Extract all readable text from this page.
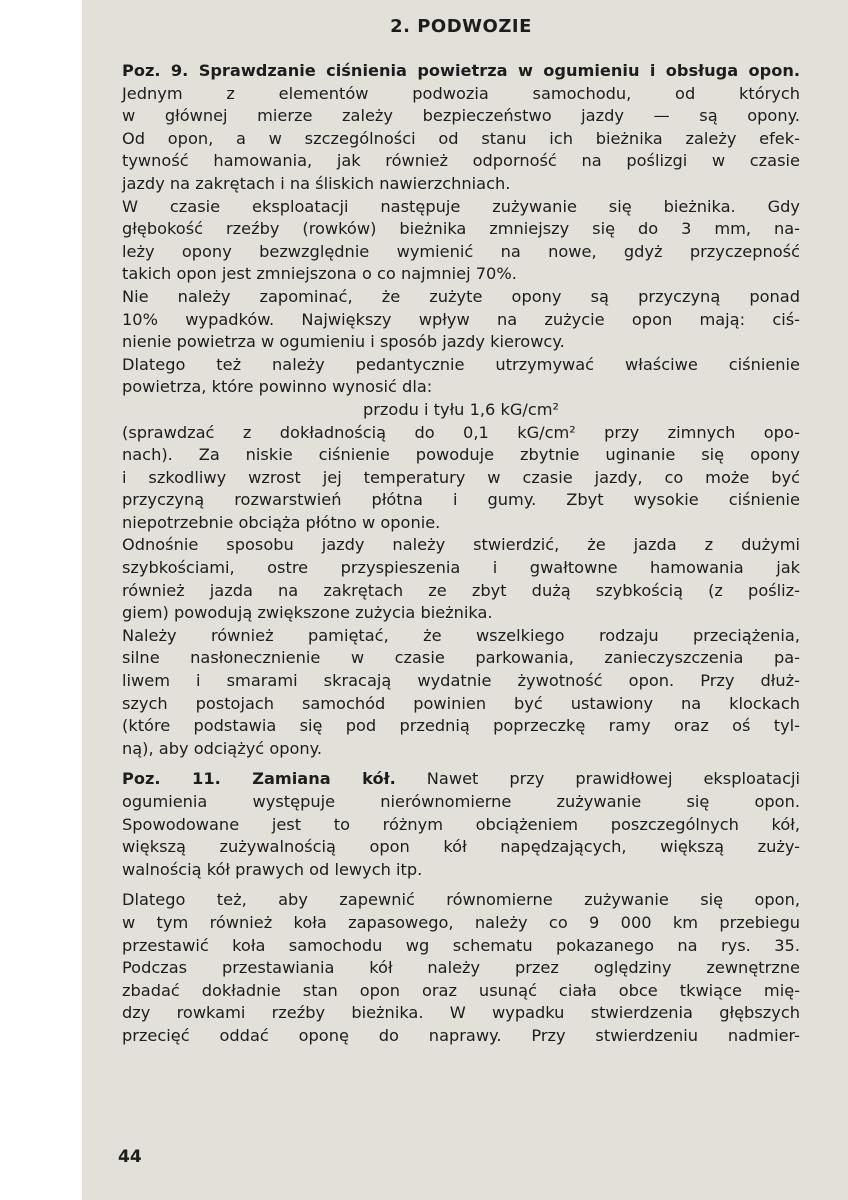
2. PODWOZIE
Poz. 9. Sprawdzanie ciśnienia powietrza w ogumieniu i obsługa opon.
Jednym z elementów podwozia samochodu, od których
w głównej mierze zależy bezpieczeństwo jazdy — są opony.
Od opon, a w szczególności od stanu ich bieżnika zależy efek-
tywność hamowania, jak również odporność na poślizgi w czasie
jazdy na zakrętach i na śliskich nawierzchniach.
W czasie eksploatacji następuje zużywanie się bieżnika. Gdy
głębokość rzeźby (rowków) bieżnika zmniejszy się do 3 mm, na-
leży opony bezwzględnie wymienić na nowe, gdyż przyczepność
takich opon jest zmniejszona o co najmniej 70%.
Nie należy zapominać, że zużyte opony są przyczyną ponad
10% wypadków. Największy wpływ na zużycie opon mają: ciś-
nienie powietrza w ogumieniu i sposób jazdy kierowcy.
Dlatego też należy pedantycznie utrzymywać właściwe ciśnienie
powietrza, które powinno wynosić dla:
przodu i tyłu 1,6 kG/cm²
(sprawdzać z dokładnością do 0,1 kG/cm² przy zimnych opo-
nach). Za niskie ciśnienie powoduje zbytnie uginanie się opony
i szkodliwy wzrost jej temperatury w czasie jazdy, co może być
przyczyną rozwarstwień płótna i gumy. Zbyt wysokie ciśnienie
niepotrzebnie obciąża płótno w oponie.
Odnośnie sposobu jazdy należy stwierdzić, że jazda z dużymi
szybkościami, ostre przyspieszenia i gwałtowne hamowania jak
również jazda na zakrętach ze zbyt dużą szybkością (z pośliz-
giem) powodują zwiększone zużycia bieżnika.
Należy również pamiętać, że wszelkiego rodzaju przeciążenia,
silne nasłonecznienie w czasie parkowania, zanieczyszczenia pa-
liwem i smarami skracają wydatnie żywotność opon. Przy dłuż-
szych postojach samochód powinien być ustawiony na klockach
(które podstawia się pod przednią poprzeczkę ramy oraz oś tyl-
ną), aby odciążyć opony.
Poz. 11. Zamiana kół. Nawet przy prawidłowej eksploatacji
ogumienia występuje nierównomierne zużywanie się opon.
Spowodowane jest to różnym obciążeniem poszczególnych kół,
większą zużywalnością opon kół napędzających, większą zuży-
walnością kół prawych od lewych itp.
Dlatego też, aby zapewnić równomierne zużywanie się opon,
w tym również koła zapasowego, należy co 9 000 km przebiegu
przestawić koła samochodu wg schematu pokazanego na rys. 35.
Podczas przestawiania kół należy przez oględziny zewnętrzne
zbadać dokładnie stan opon oraz usunąć ciała obce tkwiące mię-
dzy rowkami rzeźby bieżnika. W wypadku stwierdzenia głębszych
przecięć oddać oponę do naprawy. Przy stwierdzeniu nadmier-
44
